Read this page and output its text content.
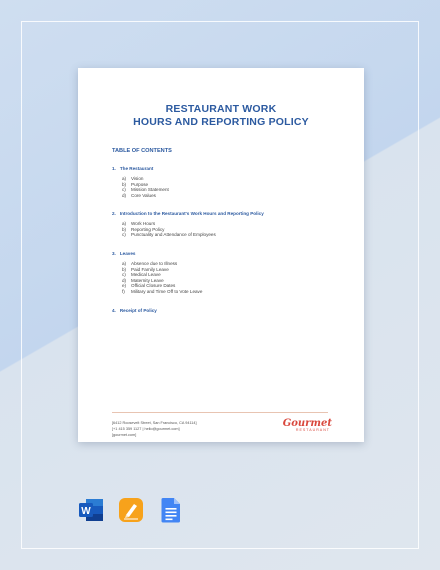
RESTAURANT WORK
HOURS AND REPORTING POLICY
TABLE OF CONTENTS
1. The Restaurant
a)	Vision
b)	Purpose
c)	Mission Statement
d)	Core Values
2. Introduction to the Restaurant's Work Hours and Reporting Policy
a)	Work Hours
b)	Reporting Policy
c)	Punctuality and Attendance of Employees
3. Leaves
a)	Absence due to Illness
b)	Paid Family Leave
c)	Medical Leave
d)	Maternity Leave
e)	Official Closure Dates
f)	Military and Time Off to Vote Leave
4. Receipt of Policy
[6412 Roosevelt Street, San Francisco, CA 94114]
[+1 415 359 1127 | hello@gourmet.com]
[gourmet.com]
Gourmet
RESTAURANT
W
